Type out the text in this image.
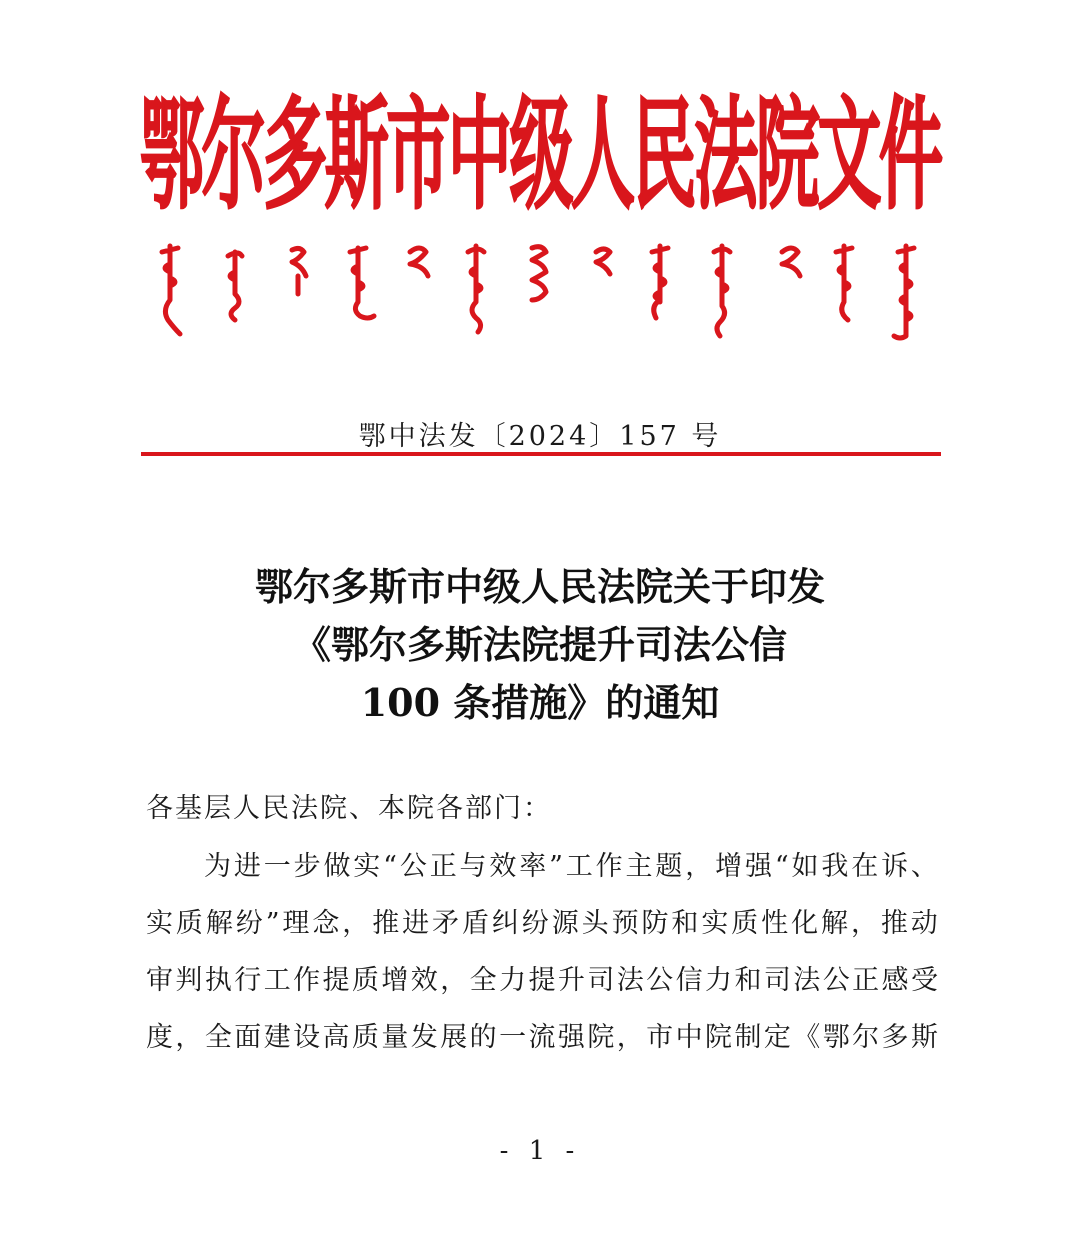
鄂
尔
多
斯
市
中
级
人
民
法
院
文
件
鄂中法发〔2024〕157 号
鄂尔多斯市中级人民法院关于印发
《鄂尔多斯法院提升司法公信
100 条措施》的通知
各基层人民法院、本院各部门：
为 进 一 步 做 实 “ 公 正 与 效 率 ” 工 作 主 题 ， 增 强 “ 如 我 在 诉 、
实 质 解 纷 ” 理 念 ， 推 进 矛 盾 纠 纷 源 头 预 防 和 实 质 性 化 解 ， 推 动
审 判 执 行 工 作 提 质 增 效 ， 全 力 提 升 司 法 公 信 力 和 司 法 公 正 感 受
度 ， 全 面 建 设 高 质 量 发 展 的 一 流 强 院 ， 市 中 院 制 定 《 鄂 尔 多 斯
- 1 -
